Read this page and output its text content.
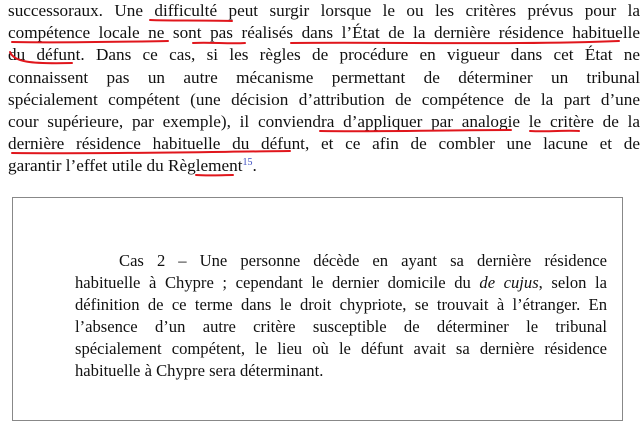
successoraux. Une difficulté peut surgir lorsque le ou les critères prévus pour la
compétence locale ne sont pas réalisés dans l’État de la dernière résidence habituelle
du défunt. Dans ce cas, si les règles de procédure en vigueur dans cet État ne
connaissent pas un autre mécanisme permettant de déterminer un tribunal
spécialement compétent (une décision d’attribution de compétence de la part d’une
cour supérieure, par exemple), il conviendra d’appliquer par analogie le critère de la
dernière résidence habituelle du défunt, et ce afin de combler une lacune et de
garantir l’effet utile du Règlement$^{15}$.
Cas 2 – Une personne décède en ayant sa dernière résidence
habituelle à Chypre ; cependant le dernier domicile du de cujus, selon la
définition de ce terme dans le droit chypriote, se trouvait à l’étranger. En
l’absence d’un autre critère susceptible de déterminer le tribunal
spécialement compétent, le lieu où le défunt avait sa dernière résidence
habituelle à Chypre sera déterminant.
